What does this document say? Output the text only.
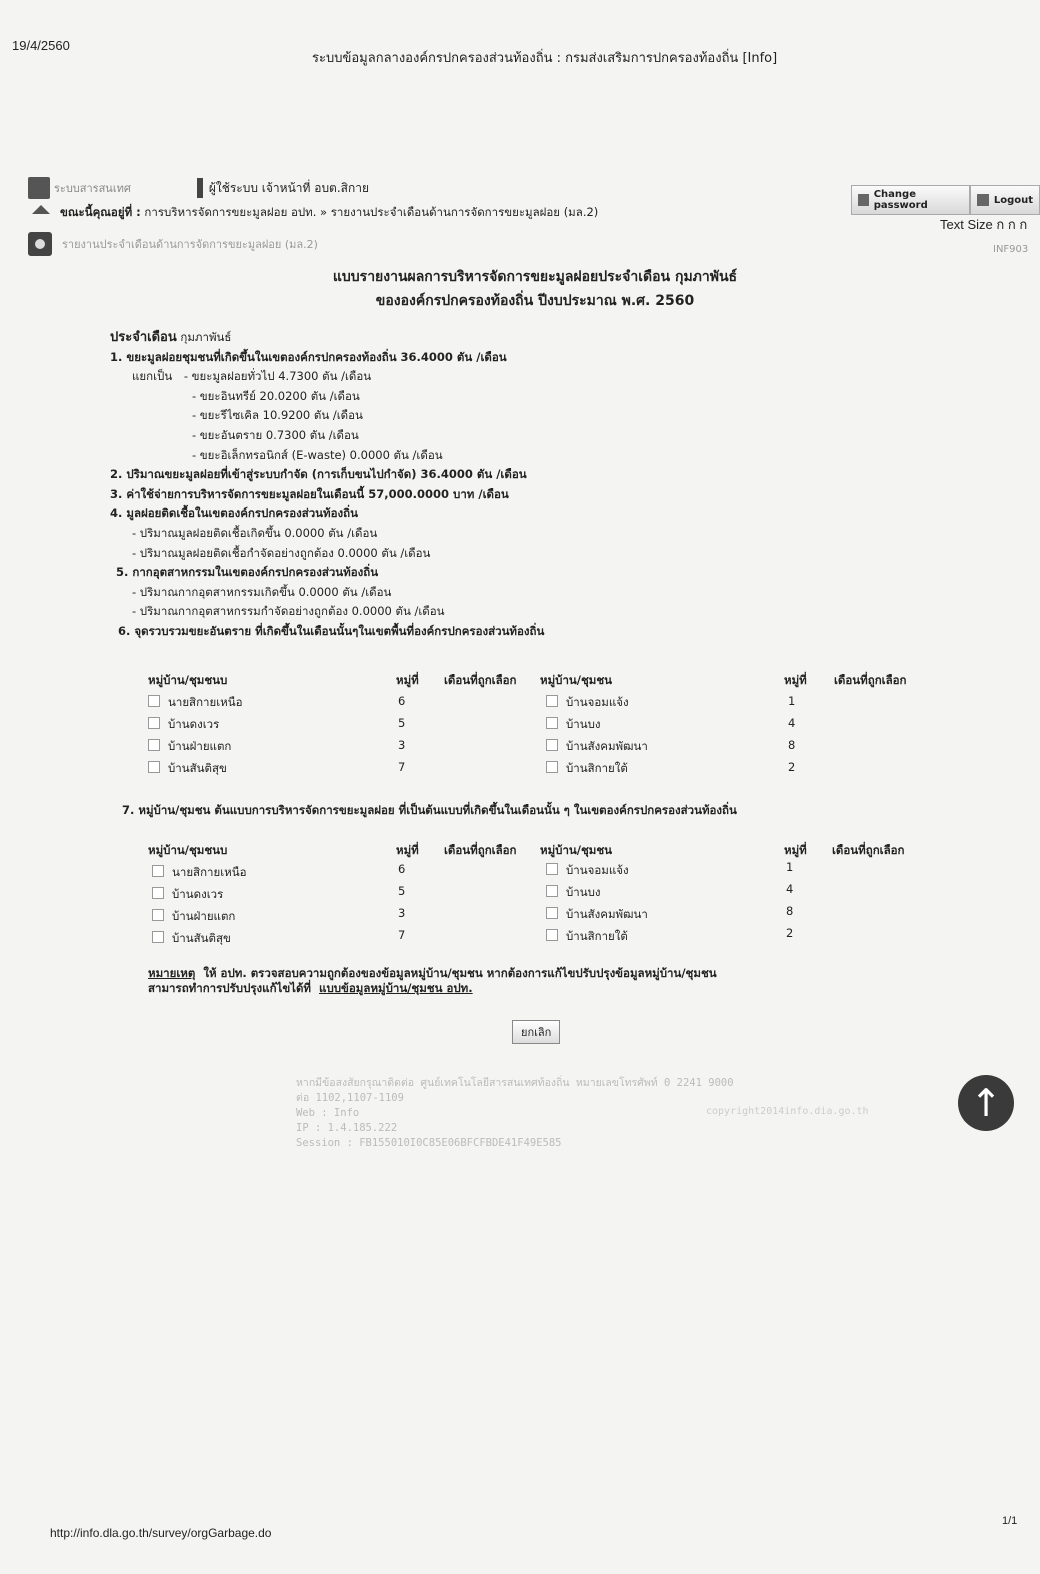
19/4/2560
ระบบข้อมูลกลางองค์กรปกครองส่วนท้องถิ่น : กรมส่งเสริมการปกครองท้องถิ่น [Info]
ระบบสารสนเทศ	ผู้ใช้ระบบ เจ้าหน้าที่ อบต.สิกาย	Change password	Logout
ขณะนี้คุณอยู่ที่ :
การบริหารจัดการขยะมูลฝอย อปท. » รายงานประจำเดือนด้านการจัดการขยะมูลฝอย (มล.2)
Text Size ก ก ก
รายงานประจำเดือนด้านการจัดการขยะมูลฝอย (มล.2)	INF903
แบบรายงานผลการบริหารจัดการขยะมูลฝอยประจำเดือน กุมภาพันธ์
ขององค์กรปกครองท้องถิ่น ปีงบประมาณ พ.ศ. 2560
ประจำเดือน กุมภาพันธ์
1. ขยะมูลฝอยชุมชนที่เกิดขึ้นในเขตองค์กรปกครองท้องถิ่น 36.4000 ตัน /เดือน
แยกเป็น - ขยะมูลฝอยทั่วไป 4.7300 ตัน /เดือน
- ขยะอินทรีย์ 20.0200 ตัน /เดือน
- ขยะรีไซเคิล 10.9200 ตัน /เดือน
- ขยะอันตราย 0.7300 ตัน /เดือน
- ขยะอิเล็กทรอนิกส์ (E-waste) 0.0000 ตัน /เดือน
2. ปริมาณขยะมูลฝอยที่เข้าสู่ระบบกำจัด (การเก็บขนไปกำจัด) 36.4000 ตัน /เดือน
3. ค่าใช้จ่ายการบริหารจัดการขยะมูลฝอยในเดือนนี้ 57,000.0000 บาท /เดือน
4. มูลฝอยติดเชื้อในเขตองค์กรปกครองส่วนท้องถิ่น
- ปริมาณมูลฝอยติดเชื้อเกิดขึ้น 0.0000 ตัน /เดือน
- ปริมาณมูลฝอยติดเชื้อกำจัดอย่างถูกต้อง 0.0000 ตัน /เดือน
5. กากอุตสาหกรรมในเขตองค์กรปกครองส่วนท้องถิ่น
- ปริมาณกากอุตสาหกรรมเกิดขึ้น 0.0000 ตัน /เดือน
- ปริมาณกากอุตสาหกรรมกำจัดอย่างถูกต้อง 0.0000 ตัน /เดือน
6. จุดรวบรวมขยะอันตราย ที่เกิดขึ้นในเดือนนั้นๆในเขตพื้นที่องค์กรปกครองส่วนท้องถิ่น
หมู่บ้าน/ชุมชนบ	หมู่ที่ เดือนที่ถูกเลือก หมู่บ้าน/ชุมชน	หมู่ที่ เดือนที่ถูกเลือก
นายสิกายเหนือ	6	บ้านจอมแจ้ง	1
บ้านดงเวร	5	บ้านบง	4
บ้านฝ่ายแตก	3	บ้านสังคมพัฒนา	8
บ้านสันติสุข	7	บ้านสิกายใต้	2
7. หมู่บ้าน/ชุมชน ต้นแบบการบริหารจัดการขยะมูลฝอย ที่เป็นต้นแบบที่เกิดขึ้นในเดือนนั้น ๆ ในเขตองค์กรปกครองส่วนท้องถิ่น
หมู่บ้าน/ชุมชนบ	หมู่ที่ เดือนที่ถูกเลือก หมู่บ้าน/ชุมชน	หมู่ที่ เดือนที่ถูกเลือก
นายสิกายเหนือ	6	บ้านจอมแจ้ง	1
บ้านดงเวร	5	บ้านบง	4
บ้านฝ่ายแตก	3	บ้านสังคมพัฒนา	8
บ้านสันติสุข	7	บ้านสิกายใต้	2
หมายเหตุ ให้ อปท. ตรวจสอบความถูกต้องของข้อมูลหมู่บ้าน/ชุมชน หากต้องการแก้ไขปรับปรุงข้อมูลหมู่บ้าน/ชุมชน
สามารถทำการปรับปรุงแก้ไขได้ที่ แบบข้อมูลหมู่บ้าน/ชุมชน อปท.
ยกเลิก
หากมีข้อสงสัยกรุณาติดต่อ ศูนย์เทคโนโลยีสารสนเทศท้องถิ่น หมายเลขโทรศัพท์ 0 2241 9000
ต่อ 1102,1107-1109
Web : Info
IP : 1.4.185.222
Session : FB155010I0C85E06BFCFBDE41F49E585
copyright2014info.dia.go.th	↑
http://info.dla.go.th/survey/orgGarbage.do
1/1
